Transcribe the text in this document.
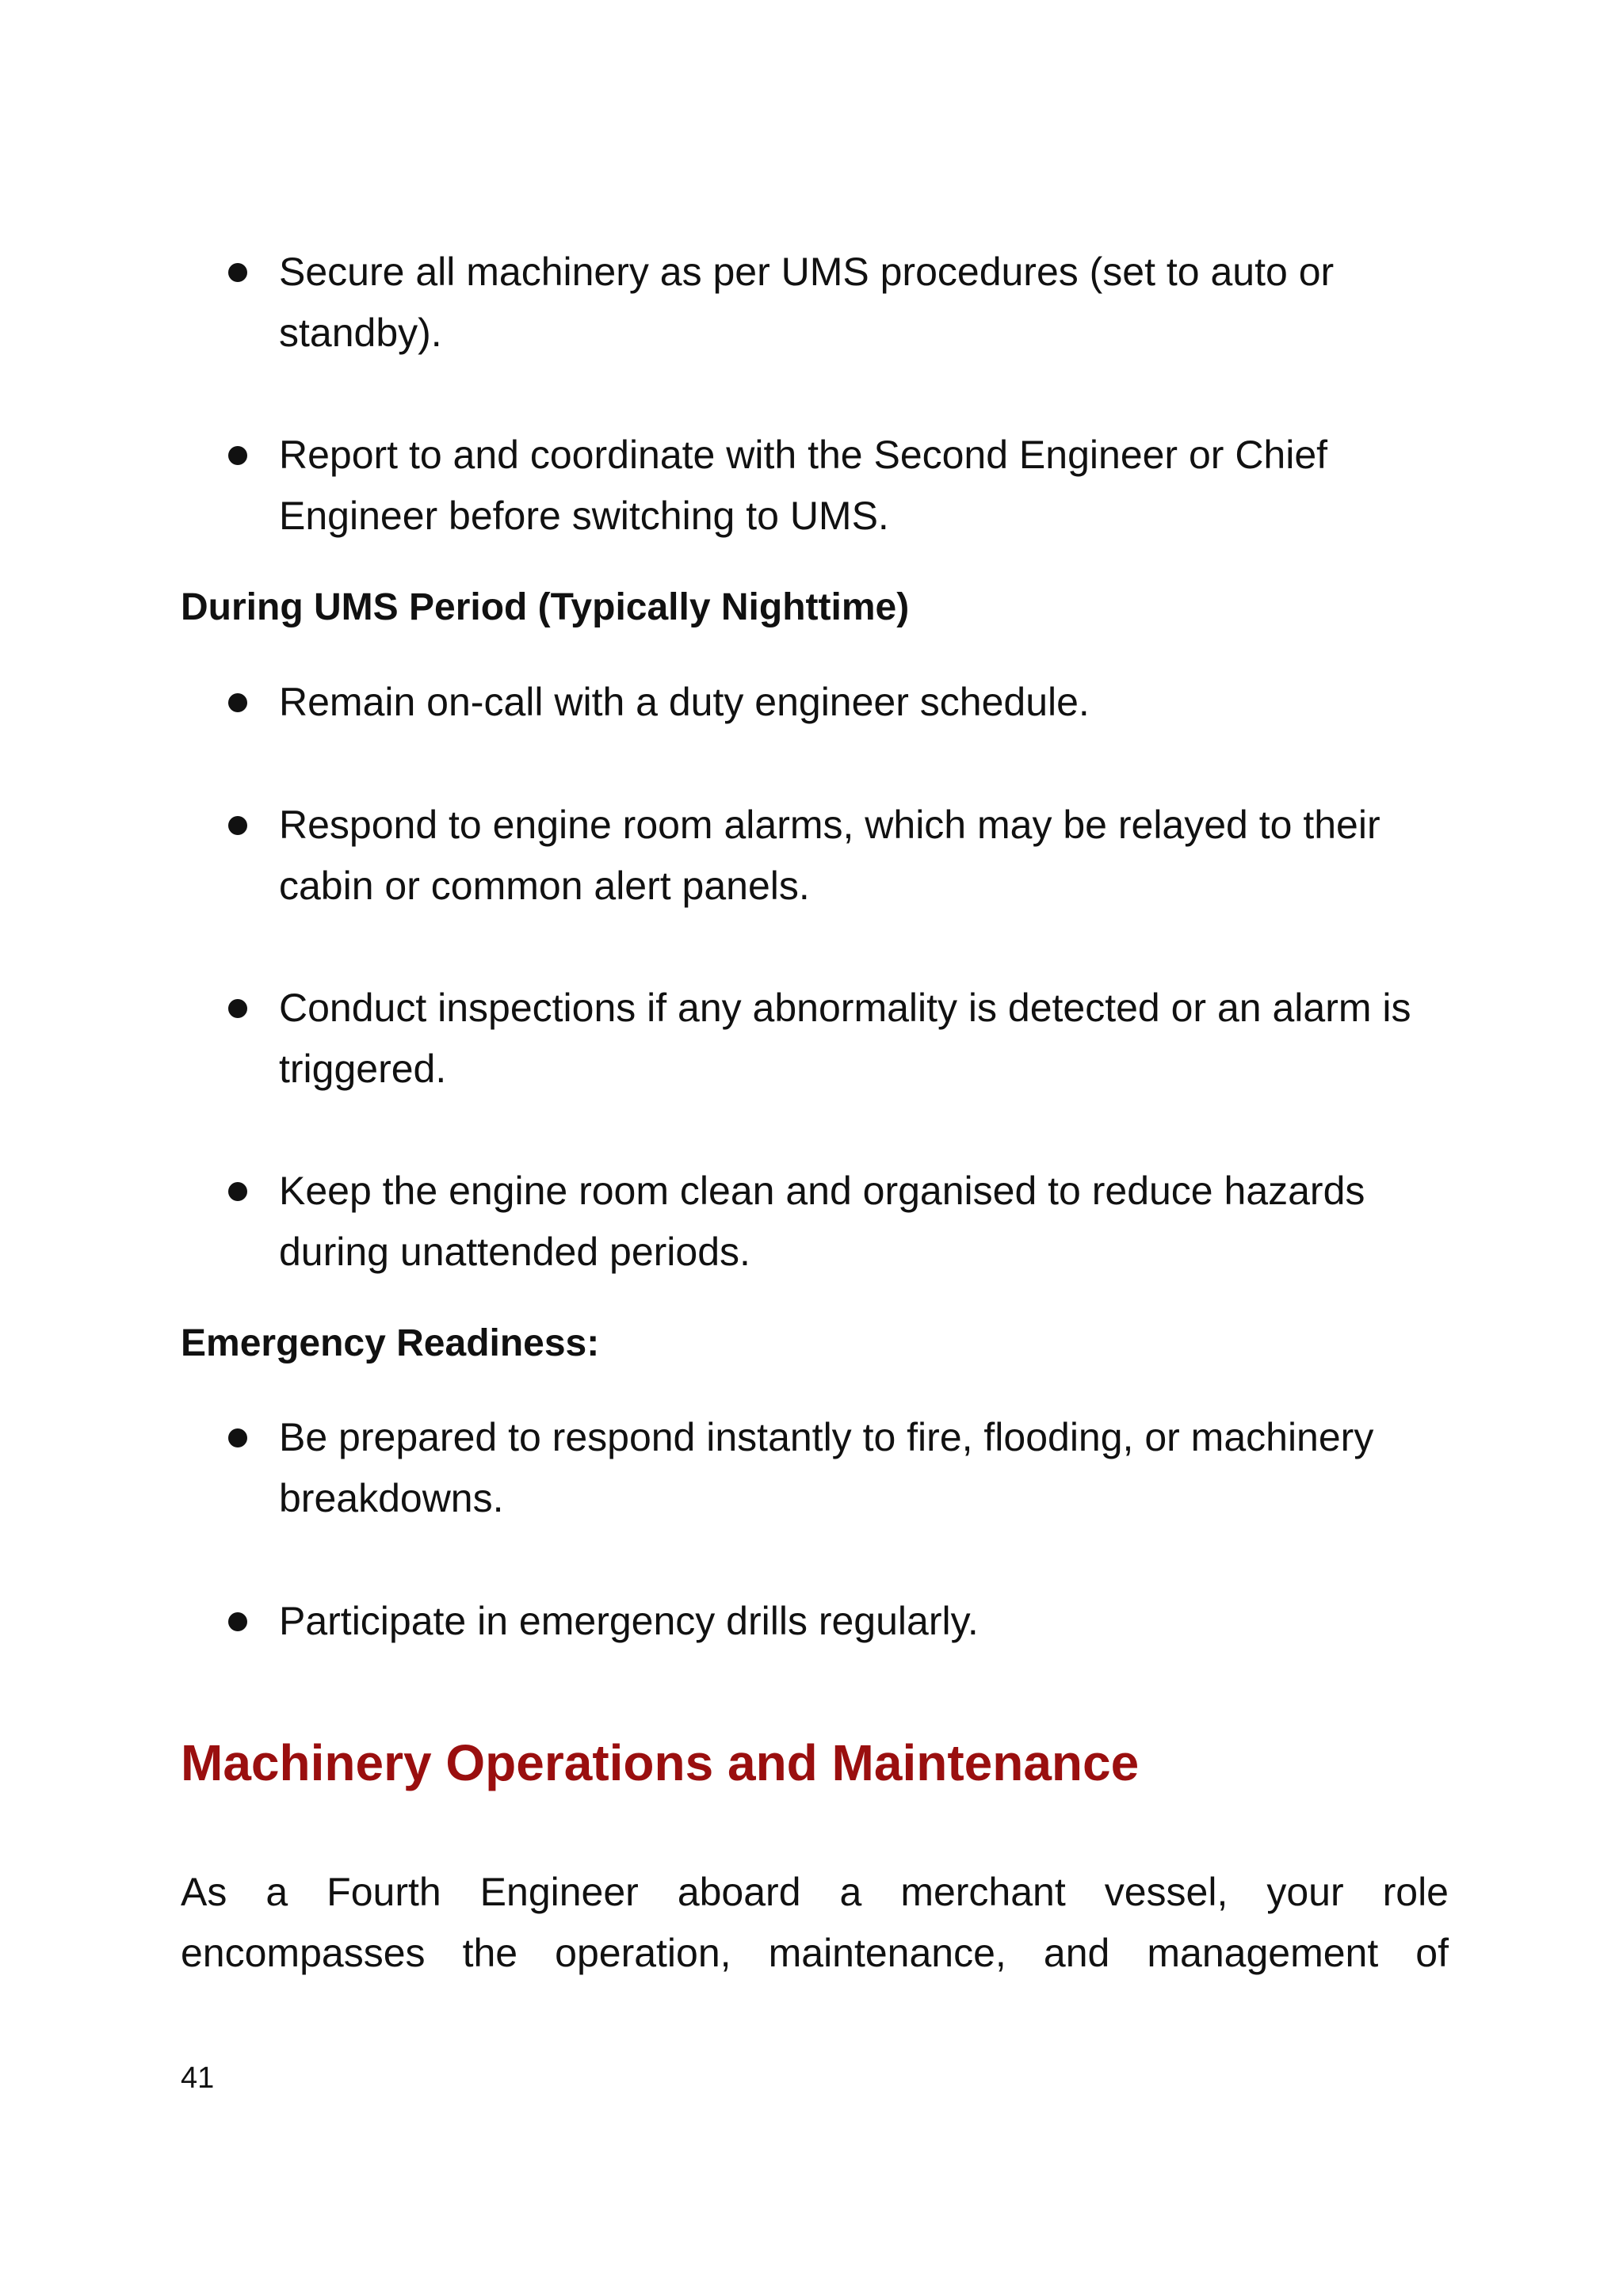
Secure all machinery as per UMS procedures (set to auto or standby).
Report to and coordinate with the Second Engineer or Chief Engineer before switching to UMS.
During UMS Period (Typically Nighttime)
Remain on-call with a duty engineer schedule.
Respond to engine room alarms, which may be relayed to their cabin or common alert panels.
Conduct inspections if any abnormality is detected or an alarm is triggered.
Keep the engine room clean and organised to reduce hazards during unattended periods.
Emergency Readiness:
Be prepared to respond instantly to fire, flooding, or machinery breakdowns.
Participate in emergency drills regularly.
Machinery Operations and Maintenance
As a Fourth Engineer aboard a merchant vessel, your role encompasses the operation, maintenance, and management of
41
